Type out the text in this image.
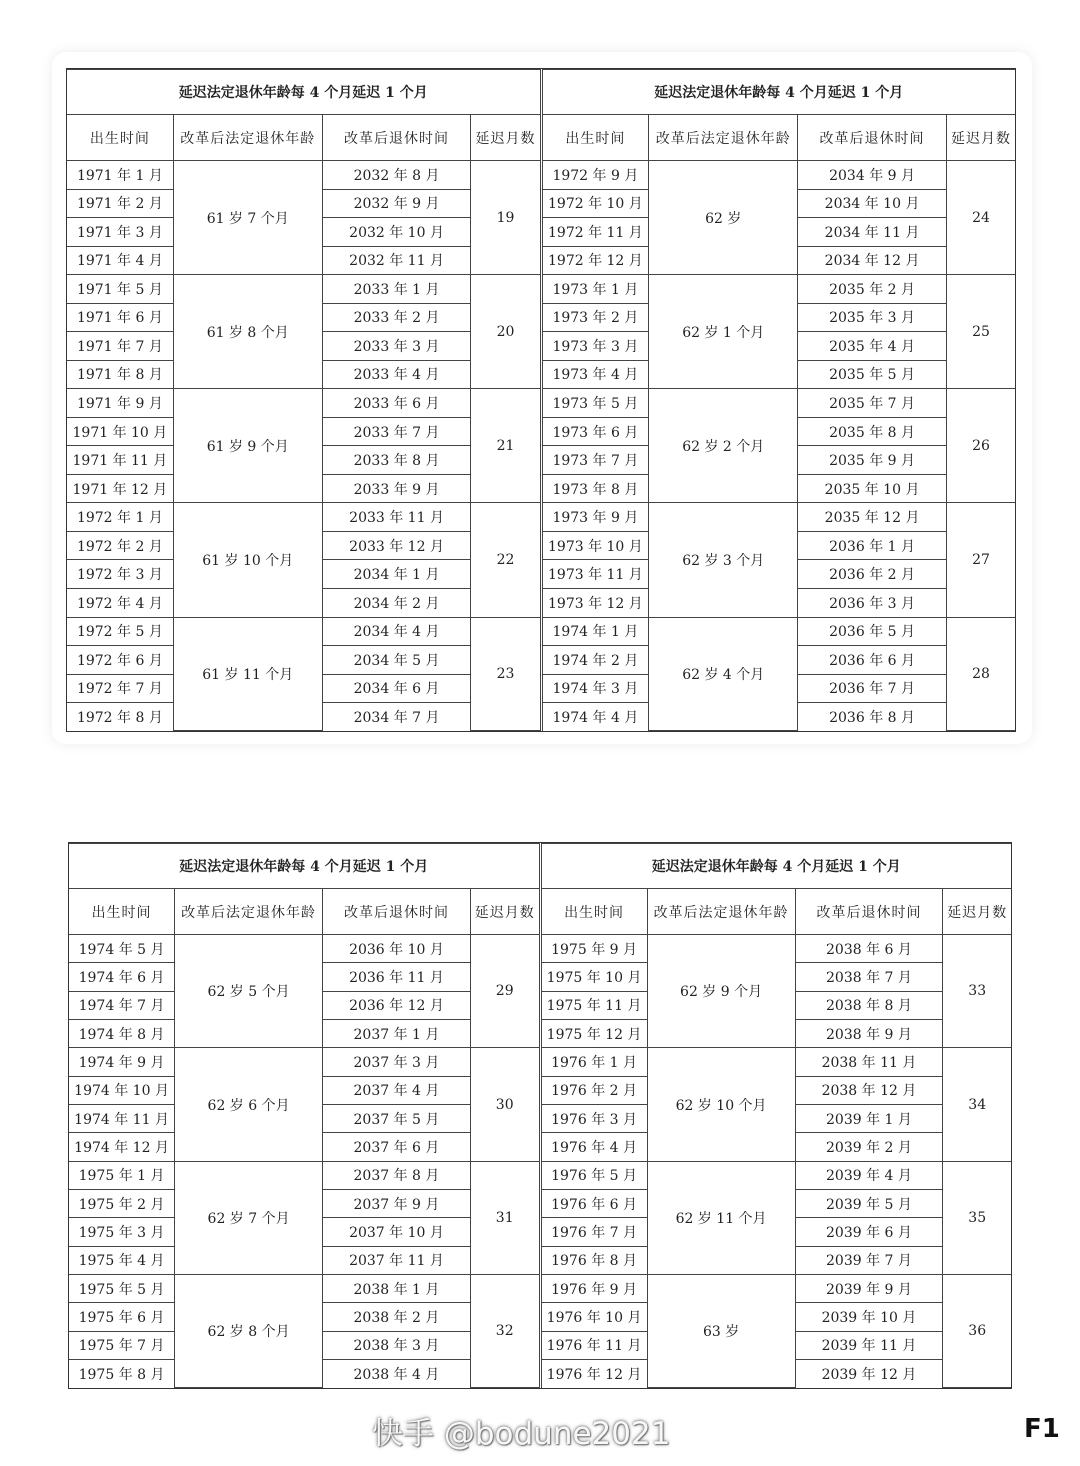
延迟法定退休年龄每 4 个月延迟 1 个月			
出生时间	改革后法定退休年龄	改革后退休时间	延迟月数
1971 年 1 月	61 岁 7 个月	2032 年 8 月	19
1971 年 2 月		2032 年 9 月	
1971 年 3 月		2032 年 10 月	
1971 年 4 月		2032 年 11 月	
1971 年 5 月	61 岁 8 个月	2033 年 1 月	20
1971 年 6 月		2033 年 2 月	
1971 年 7 月		2033 年 3 月	
1971 年 8 月		2033 年 4 月	
1971 年 9 月	61 岁 9 个月	2033 年 6 月	21
1971 年 10 月		2033 年 7 月	
1971 年 11 月		2033 年 8 月	
1971 年 12 月		2033 年 9 月	
1972 年 1 月	61 岁 10 个月	2033 年 11 月	22
1972 年 2 月		2033 年 12 月	
1972 年 3 月		2034 年 1 月	
1972 年 4 月		2034 年 2 月	
1972 年 5 月	61 岁 11 个月	2034 年 4 月	23
1972 年 6 月		2034 年 5 月	
1972 年 7 月		2034 年 6 月	
1972 年 8 月		2034 年 7 月	
延迟法定退休年龄每 4 个月延迟 1 个月			
出生时间	改革后法定退休年龄	改革后退休时间	延迟月数
1972 年 9 月	62 岁	2034 年 9 月	24
1972 年 10 月		2034 年 10 月	
1972 年 11 月		2034 年 11 月	
1972 年 12 月		2034 年 12 月	
1973 年 1 月	62 岁 1 个月	2035 年 2 月	25
1973 年 2 月		2035 年 3 月	
1973 年 3 月		2035 年 4 月	
1973 年 4 月		2035 年 5 月	
1973 年 5 月	62 岁 2 个月	2035 年 7 月	26
1973 年 6 月		2035 年 8 月	
1973 年 7 月		2035 年 9 月	
1973 年 8 月		2035 年 10 月	
1973 年 9 月	62 岁 3 个月	2035 年 12 月	27
1973 年 10 月		2036 年 1 月	
1973 年 11 月		2036 年 2 月	
1973 年 12 月		2036 年 3 月	
1974 年 1 月	62 岁 4 个月	2036 年 5 月	28
1974 年 2 月		2036 年 6 月	
1974 年 3 月		2036 年 7 月	
1974 年 4 月		2036 年 8 月	
延迟法定退休年龄每 4 个月延迟 1 个月			
出生时间	改革后法定退休年龄	改革后退休时间	延迟月数
1974 年 5 月	62 岁 5 个月	2036 年 10 月	29
1974 年 6 月		2036 年 11 月	
1974 年 7 月		2036 年 12 月	
1974 年 8 月		2037 年 1 月	
1974 年 9 月	62 岁 6 个月	2037 年 3 月	30
1974 年 10 月		2037 年 4 月	
1974 年 11 月		2037 年 5 月	
1974 年 12 月		2037 年 6 月	
1975 年 1 月	62 岁 7 个月	2037 年 8 月	31
1975 年 2 月		2037 年 9 月	
1975 年 3 月		2037 年 10 月	
1975 年 4 月		2037 年 11 月	
1975 年 5 月	62 岁 8 个月	2038 年 1 月	32
1975 年 6 月		2038 年 2 月	
1975 年 7 月		2038 年 3 月	
1975 年 8 月		2038 年 4 月	
延迟法定退休年龄每 4 个月延迟 1 个月			
出生时间	改革后法定退休年龄	改革后退休时间	延迟月数
1975 年 9 月	62 岁 9 个月	2038 年 6 月	33
1975 年 10 月		2038 年 7 月	
1975 年 11 月		2038 年 8 月	
1975 年 12 月		2038 年 9 月	
1976 年 1 月	62 岁 10 个月	2038 年 11 月	34
1976 年 2 月		2038 年 12 月	
1976 年 3 月		2039 年 1 月	
1976 年 4 月		2039 年 2 月	
1976 年 5 月	62 岁 11 个月	2039 年 4 月	35
1976 年 6 月		2039 年 5 月	
1976 年 7 月		2039 年 6 月	
1976 年 8 月		2039 年 7 月	
1976 年 9 月	63 岁	2039 年 9 月	36
1976 年 10 月		2039 年 10 月	
1976 年 11 月		2039 年 11 月	
1976 年 12 月		2039 年 12 月	
快手 @bodune2021	F1
